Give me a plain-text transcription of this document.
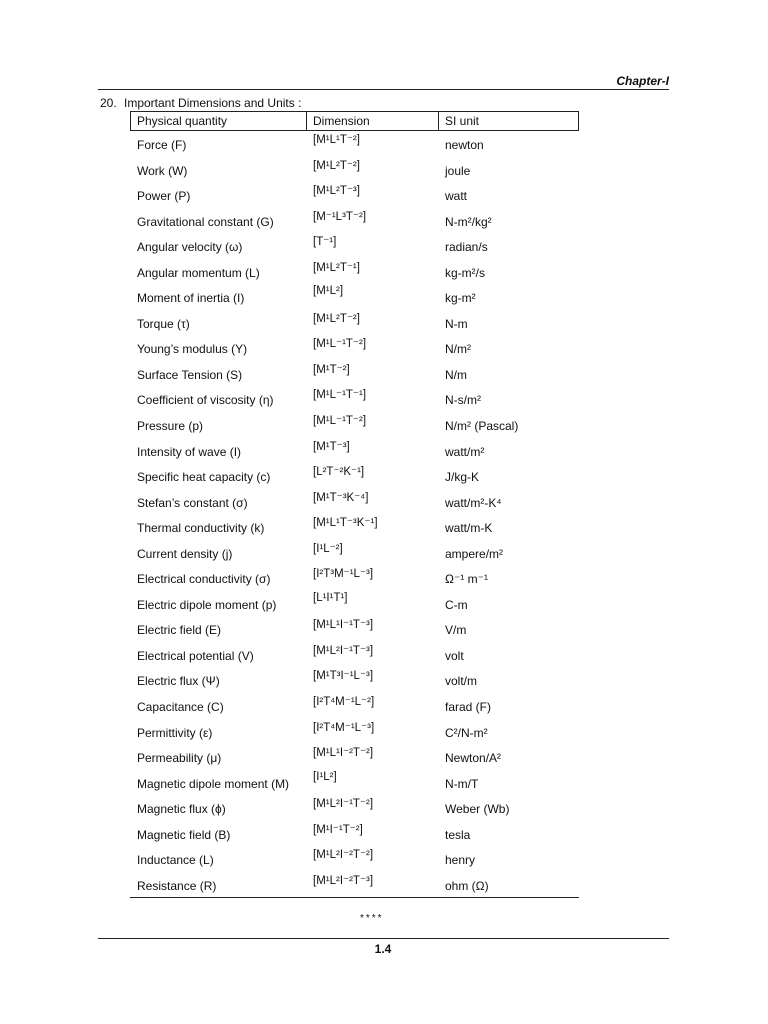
Chapter-I
20. Important Dimensions and Units :
Physical quantity	Dimension	SI unit
Force (F)	[M¹L¹T⁻²]	newton
Work (W)	[M¹L²T⁻²]	joule
Power (P)	[M¹L²T⁻³]	watt
Gravitational constant (G)	[M⁻¹L³T⁻²]	N-m²/kg²
Angular velocity (ω)	[T⁻¹]	radian/s
Angular momentum (L)	[M¹L²T⁻¹]	kg-m²/s
Moment of inertia (I)	[M¹L²]	kg-m²
Torque (τ)	[M¹L²T⁻²]	N-m
Young’s modulus (Y)	[M¹L⁻¹T⁻²]	N/m²
Surface Tension (S)	[M¹T⁻²]	N/m
Coefficient of viscosity (η)	[M¹L⁻¹T⁻¹]	N-s/m²
Pressure (p)	[M¹L⁻¹T⁻²]	N/m² (Pascal)
Intensity of wave (I)	[M¹T⁻³]	watt/m²
Specific heat capacity (c)	[L²T⁻²K⁻¹]	J/kg-K
Stefan’s constant (σ)	[M¹T⁻³K⁻⁴]	watt/m²-K⁴
Thermal conductivity (k)	[M¹L¹T⁻³K⁻¹]	watt/m-K
Current density (j)	[I¹L⁻²]	ampere/m²
Electrical conductivity (σ)	[I²T³M⁻¹L⁻³]	Ω⁻¹ m⁻¹
Electric dipole moment (p)	[L¹I¹T¹]	C-m
Electric field (E)	[M¹L¹I⁻¹T⁻³]	V/m
Electrical potential (V)	[M¹L²I⁻¹T⁻³]	volt
Electric flux (Ψ)	[M¹T³I⁻¹L⁻³]	volt/m
Capacitance (C)	[I²T⁴M⁻¹L⁻²]	farad (F)
Permittivity (ε)	[I²T⁴M⁻¹L⁻³]	C²/N-m²
Permeability (μ)	[M¹L¹I⁻²T⁻²]	Newton/A²
Magnetic dipole moment (M) [I¹L²]	N-m/T
Magnetic flux (ϕ)	[M¹L²I⁻¹T⁻²]	Weber (Wb)
Magnetic field (B)	[M¹I⁻¹T⁻²]	tesla
Inductance (L)	[M¹L²I⁻²T⁻²]	henry
Resistance (R)	[M¹L²I⁻²T⁻³]	ohm (Ω)
****
1.4
